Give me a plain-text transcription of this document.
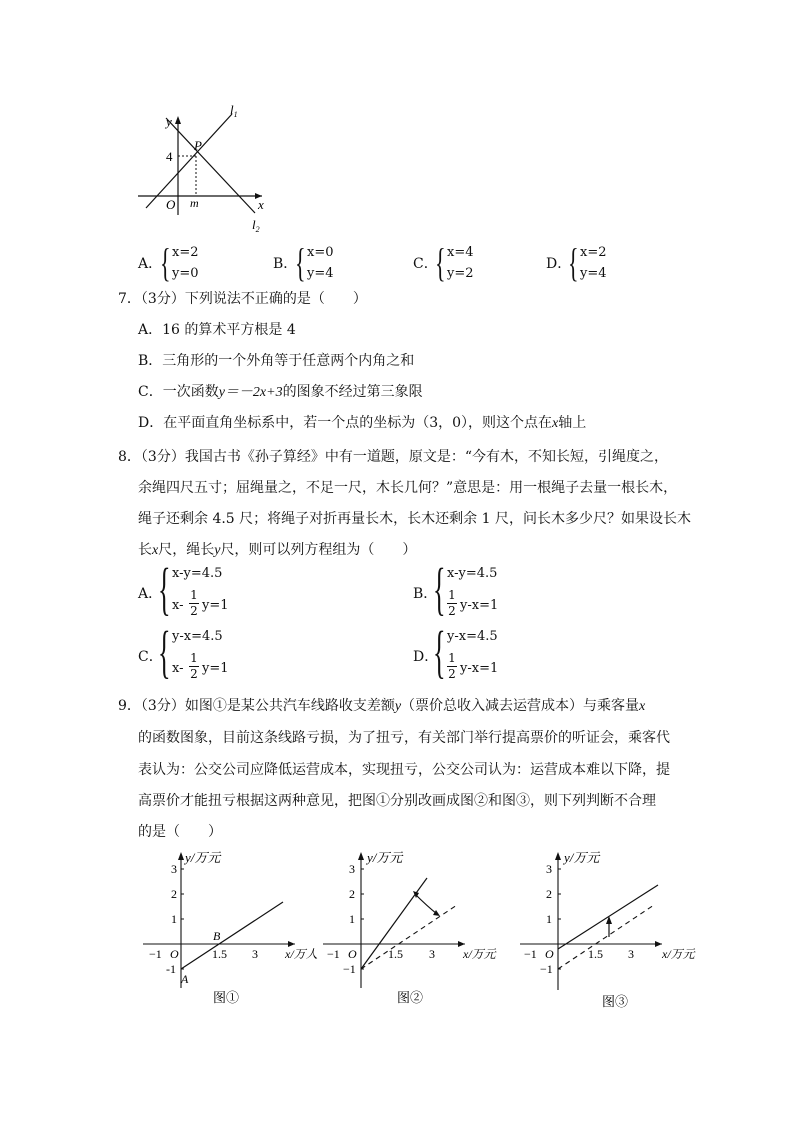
y
4
P
O m	x
$l_1$
$l_2$
A．
{ x=2
y=0
B．
{ x=0
y=4
C．
{ x=4
y=2
D．
{ x=2
y=4
7．（3分）下列说法不正确的是（　　）
A．16 的算术平方根是 4
B．三角形的一个外角等于任意两个内角之和
C．一次函数y＝－2x+3的图象不经过第三象限
D．在平面直角坐标系中，若一个点的坐标为（3，0），则这个点在x轴上
8．（3分）我国古书《孙子算经》中有一道题，原文是：“今有木，不知长短，引绳度之，
余绳四尺五寸；屈绳量之，不足一尺，木长几何？”意思是：用一根绳子去量一根长木，
绳子还剩余 4.5 尺；将绳子对折再量长木，长木还剩余 1 尺，问长木多少尺？如果设长木
长x尺，绳长y尺，则可以列方程组为（　　）
A．
{ x-y=4.5
x-
1
2 y=1
B．
{ x-y=4.5
1
2 y-x=1
C．
{ y-x=4.5
x-
1
2 y=1
D．
{ y-x=4.5
1
2 y-x=1
9．（3分）如图①是某公共汽车线路收支差额y（票价总收入减去运营成本）与乘客量x
的函数图象，目前这条线路亏损，为了扭亏，有关部门举行提高票价的听证会，乘客代
表认为：公交公司应降低运营成本，实现扭亏，公交公司认为：运营成本难以下降，提
高票价才能扭亏根据这两种意见，把图①分别改画成图②和图③，则下列判断不合理
的是（　　）
y/万元
3
2
1
-1
−1 O	1.5 3 x/万人
A
B
图①
y/万元
3
2
1
−1
−1 O	1.5 3 x/万元
图②
y/万元
3
2
1
−1
−1 O	1.5 3 x/万元
图③
